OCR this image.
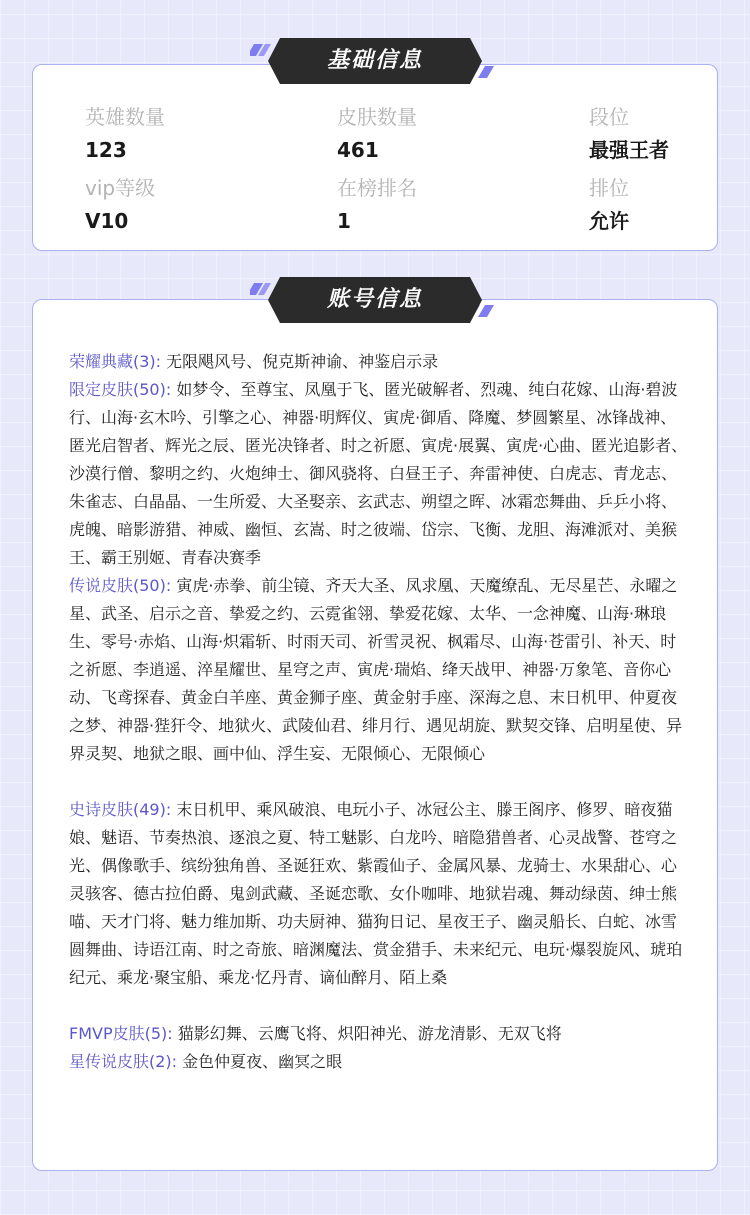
英雄数量
123
皮肤数量
461
段位
最强王者
vip等级
V10
在榜排名
1
排位
允许
基础信息

荣耀典藏(3): 无限飓风号、倪克斯神谕、神鉴启示录

限定皮肤(50): 如梦令、至尊宝、凤凰于飞、匿光破解者、烈魂、纯白花嫁、山海·碧波行、山海·玄木吟、引擎之心、神器·明辉仪、寅虎·御盾、降魔、梦圆繁星、冰锋战神、匿光启智者、辉光之辰、匿光决锋者、时之祈愿、寅虎·展翼、寅虎·心曲、匿光追影者、沙漠行僧、黎明之约、火炮绅士、御风骁将、白昼王子、奔雷神使、白虎志、青龙志、朱雀志、白晶晶、一生所爱、大圣娶亲、玄武志、朔望之晖、冰霜恋舞曲、乒乒小将、虎魄、暗影游猎、神威、幽恒、玄嵩、时之彼端、岱宗、飞衡、龙胆、海滩派对、美猴王、霸王别姬、青春决赛季

传说皮肤(50): 寅虎·赤拳、前尘镜、齐天大圣、凤求凰、天魔缭乱、无尽星芒、永曜之星、武圣、启示之音、挚爱之约、云霓雀翎、挚爱花嫁、太华、一念神魔、山海·琳琅生、零号·赤焰、山海·炽霜斩、时雨天司、祈雪灵祝、枫霜尽、山海·苍雷引、补天、时之祈愿、李逍遥、淬星耀世、星穹之声、寅虎·瑞焰、绛天战甲、神器·万象笔、音你心动、飞鸢探春、黄金白羊座、黄金狮子座、黄金射手座、深海之息、末日机甲、仲夏夜之梦、神器·狴犴令、地狱火、武陵仙君、绯月行、遇见胡旋、默契交锋、启明星使、异界灵契、地狱之眼、画中仙、浮生妄、无限倾心、无限倾心

史诗皮肤(49): 末日机甲、乘风破浪、电玩小子、冰冠公主、滕王阁序、修罗、暗夜猫娘、魅语、节奏热浪、逐浪之夏、特工魅影、白龙吟、暗隐猎兽者、心灵战警、苍穹之光、偶像歌手、缤纷独角兽、圣诞狂欢、紫霞仙子、金属风暴、龙骑士、水果甜心、心灵骇客、德古拉伯爵、鬼剑武藏、圣诞恋歌、女仆咖啡、地狱岩魂、舞动绿茵、绅士熊喵、天才门将、魅力维加斯、功夫厨神、猫狗日记、星夜王子、幽灵船长、白蛇、冰雪圆舞曲、诗语江南、时之奇旅、暗渊魔法、赏金猎手、未来纪元、电玩·爆裂旋风、琥珀纪元、乘龙·聚宝船、乘龙·忆丹青、谪仙醉月、陌上桑

FMVP皮肤(5): 猫影幻舞、云鹰飞将、炽阳神光、游龙清影、无双飞将

星传说皮肤(2): 金色仲夏夜、幽冥之眼

账号信息
